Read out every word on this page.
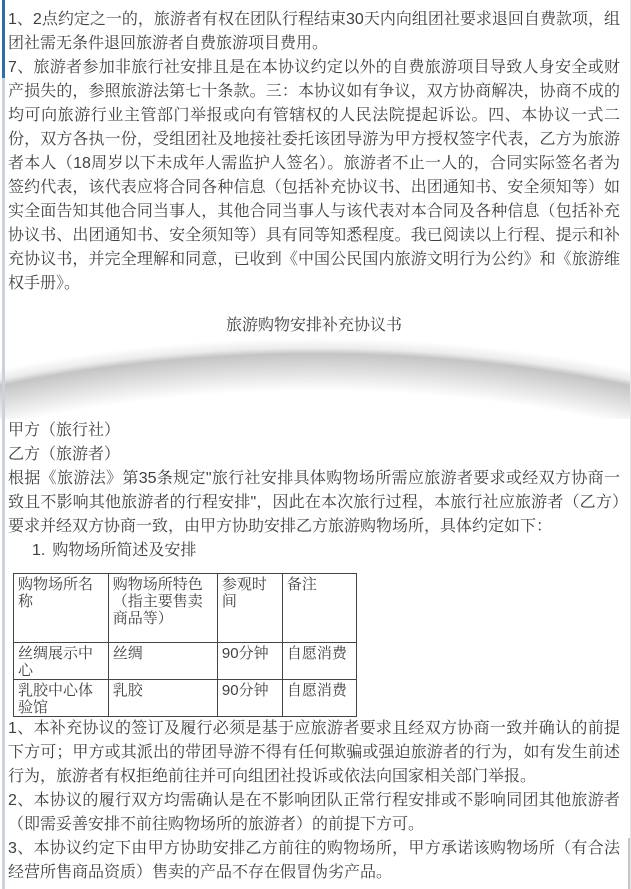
1、2点约定之一的，旅游者有权在团队行程结束30天内向组团社要求退回自费款项，组团社需无条件退回旅游者自费旅游项目费用。

7、旅游者参加非旅行社安排且是在本协议约定以外的自费旅游项目导致人身安全或财产损失的，参照旅游法第七十条款。三：本协议如有争议，双方协商解决，协商不成的均可向旅游行业主管部门举报或向有管辖权的人民法院提起诉讼。四、本协议一式二份，双方各执一份，受组团社及地接社委托该团导游为甲方授权签字代表，乙方为旅游者本人（18周岁以下未成年人需监护人签名）。旅游者不止一人的，合同实际签名者为签约代表，该代表应将合同各种信息（包括补充协议书、出团通知书、安全须知等）如实全面告知其他合同当事人，其他合同当事人与该代表对本合同及各种信息（包括补充协议书、出团通知书、安全须知等）具有同等知悉程度。我已阅读以上行程、提示和补充协议书，并完全理解和同意，已收到《中国公民国内旅游文明行为公约》和《旅游维权手册》。

旅游购物安排补充协议书

甲方（旅行社）

乙方（旅游者）

根据《旅游法》第35条规定"旅行社安排具体购物场所需应旅游者要求或经双方协商一致且不影响其他旅游者的行程安排"，因此在本次旅行过程，本旅行社应旅游者（乙方）要求并经双方协商一致，由甲方协助安排乙方旅游购物场所，具体约定如下：

1. 购物场所简述及安排
购物场所名称	购物场所特色（指主要售卖商品等）	参观时间	备注
丝绸展示中心	丝绸	90分钟	自愿消费
乳胶中心体验馆	乳胶	90分钟	自愿消费

1、本补充协议的签订及履行必须是基于应旅游者要求且经双方协商一致并确认的前提下方可；甲方或其派出的带团导游不得有任何欺骗或强迫旅游者的行为，如有发生前述行为，旅游者有权拒绝前往并可向组团社投诉或依法向国家相关部门举报。

2、本协议的履行双方均需确认是在不影响团队正常行程安排或不影响同团其他旅游者（即需妥善安排不前往购物场所的旅游者）的前提下方可。

3、本协议约定下由甲方协助安排乙方前往的购物场所，甲方承诺该购物场所（有合法经营所售商品资质）售卖的产品不存在假冒伪劣产品。
